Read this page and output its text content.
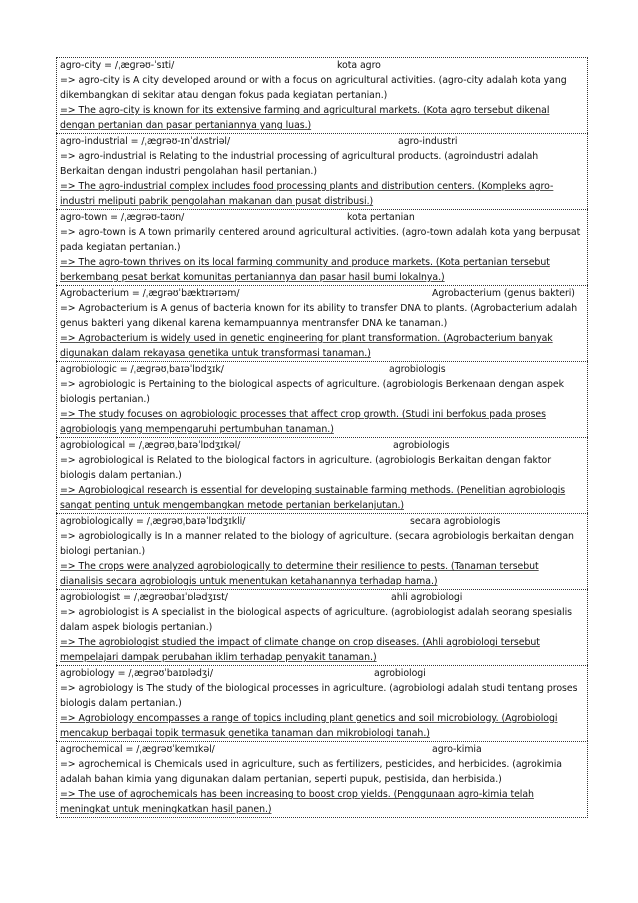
agro-city = /ˌæɡrəʊ-ˈsɪti/	kota agro

=> agro-city is A city developed around or with a focus on agricultural activities. (agro-city adalah kota yang dikembangkan di sekitar atau dengan fokus pada kegiatan pertanian.)

=> The agro-city is known for its extensive farming and agricultural markets. (Kota agro tersebut dikenal dengan pertanian dan pasar pertaniannya yang luas.)

agro-industrial = /ˌæɡrəʊ-ɪnˈdʌstriəl/	agro-industri

=> agro-industrial is Relating to the industrial processing of agricultural products. (agroindustri adalah Berkaitan dengan industri pengolahan hasil pertanian.)

=> The agro-industrial complex includes food processing plants and distribution centers. (Kompleks agro-industri meliputi pabrik pengolahan makanan dan pusat distribusi.)

agro-town = /ˌæɡrəʊ-taʊn/	kota pertanian

=> agro-town is A town primarily centered around agricultural activities. (agro-town adalah kota yang berpusat pada kegiatan pertanian.)

=> The agro-town thrives on its local farming community and produce markets. (Kota pertanian tersebut berkembang pesat berkat komunitas pertaniannya dan pasar hasil bumi lokalnya.)

Agrobacterium = /ˌæɡrəʊˈbæktɪərɪəm/	Agrobacterium (genus bakteri)

=> Agrobacterium is A genus of bacteria known for its ability to transfer DNA to plants. (Agrobacterium adalah genus bakteri yang dikenal karena kemampuannya mentransfer DNA ke tanaman.)

=> Agrobacterium is widely used in genetic engineering for plant transformation. (Agrobacterium banyak digunakan dalam rekayasa genetika untuk transformasi tanaman.)

agrobiologic = /ˌæɡrəʊˌbaɪəˈlɒdʒɪk/	agrobiologis

=> agrobiologic is Pertaining to the biological aspects of agriculture. (agrobiologis Berkenaan dengan aspek biologis pertanian.)

=> The study focuses on agrobiologic processes that affect crop growth. (Studi ini berfokus pada proses agrobiologis yang mempengaruhi pertumbuhan tanaman.)

agrobiological = /ˌæɡrəʊˌbaɪəˈlɒdʒɪkəl/	agrobiologis

=> agrobiological is Related to the biological factors in agriculture. (agrobiologis Berkaitan dengan faktor biologis dalam pertanian.)

=> Agrobiological research is essential for developing sustainable farming methods. (Penelitian agrobiologis sangat penting untuk mengembangkan metode pertanian berkelanjutan.)

agrobiologically = /ˌæɡrəʊˌbaɪəˈlɒdʒɪkli/	secara agrobiologis

=> agrobiologically is In a manner related to the biology of agriculture. (secara agrobiologis berkaitan dengan biologi pertanian.)

=> The crops were analyzed agrobiologically to determine their resilience to pests. (Tanaman tersebut dianalisis secara agrobiologis untuk menentukan ketahanannya terhadap hama.)

agrobiologist = /ˌæɡrəʊbaɪˈɒlədʒɪst/	ahli agrobiologi

=> agrobiologist is A specialist in the biological aspects of agriculture. (agrobiologist adalah seorang spesialis dalam aspek biologis pertanian.)

=> The agrobiologist studied the impact of climate change on crop diseases. (Ahli agrobiologi tersebut mempelajari dampak perubahan iklim terhadap penyakit tanaman.)

agrobiology = /ˌæɡrəʊˈbaɪɒlədʒi/	agrobiologi

=> agrobiology is The study of the biological processes in agriculture. (agrobiologi adalah studi tentang proses biologis dalam pertanian.)

=> Agrobiology encompasses a range of topics including plant genetics and soil microbiology. (Agrobiologi mencakup berbagai topik termasuk genetika tanaman dan mikrobiologi tanah.)

agrochemical = /ˌæɡrəʊˈkemɪkəl/	agro-kimia

=> agrochemical is Chemicals used in agriculture, such as fertilizers, pesticides, and herbicides. (agrokimia adalah bahan kimia yang digunakan dalam pertanian, seperti pupuk, pestisida, dan herbisida.)

=> The use of agrochemicals has been increasing to boost crop yields. (Penggunaan agro-kimia telah meningkat untuk meningkatkan hasil panen.)
